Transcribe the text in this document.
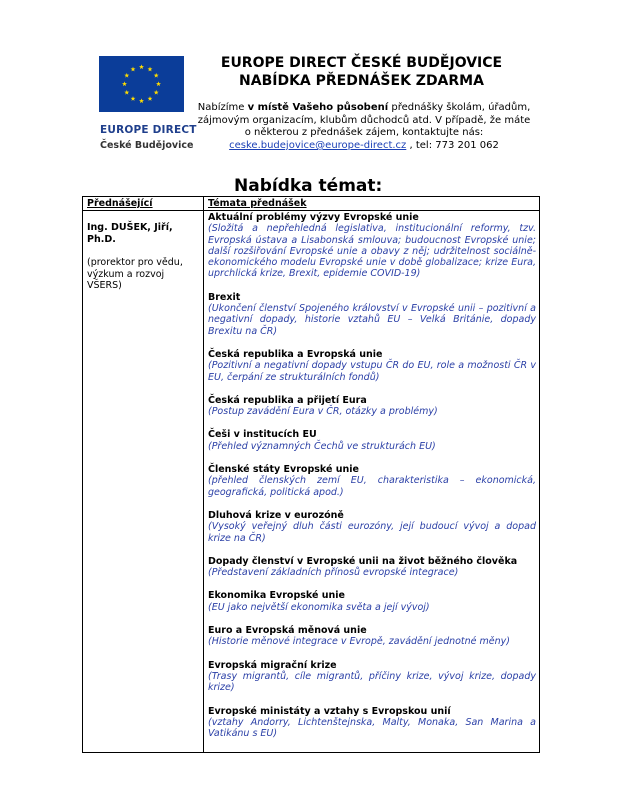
EUROPE DIRECT
České Budějovice
EUROPE DIRECT ČESKÉ BUDĚJOVICE
NABÍDKA PŘEDNÁŠEK ZDARMA
Nabízíme v místě Vašeho působení přednášky školám, úřadům, zájmovým organizacím, klubům důchodců atd. V případě, že máte o některou z přednášek zájem, kontaktujte nás:
ceske.budejovice@europe-direct.cz , tel: 773 201 062
Nabídka témat:
Přednášející	Témata přednášek
Ing. DUŠEK, Jiří, Ph.D.
(prorektor pro vědu, výzkum a rozvoj VŠERS)
Aktuální problémy výzvy Evropské unie
(Složitá a nepřehledná legislativa, institucionální reformy, tzv. Evropská ústava a Lisabonská smlouva; budoucnost Evropské unie; další rozšiřování Evropské unie a obavy z něj; udržitelnost sociálně-ekonomického modelu Evropské unie v době globalizace; krize Eura, uprchlická krize, Brexit, epidemie COVID-19)
Brexit
(Ukončení členství Spojeného království v Evropské unii – pozitivní a negativní dopady, historie vztahů EU – Velká Británie, dopady Brexitu na ČR)
Česká republika a Evropská unie
(Pozitivní a negativní dopady vstupu ČR do EU, role a možnosti ČR v EU, čerpání ze strukturálních fondů)
Česká republika a přijetí Eura
(Postup zavádění Eura v ČR, otázky a problémy)
Češi v institucích EU
(Přehled významných Čechů ve strukturách EU)
Členské státy Evropské unie
(přehled členských zemí EU, charakteristika – ekonomická, geografická, politická apod.)
Dluhová krize v eurozóně
(Vysoký veřejný dluh části eurozóny, její budoucí vývoj a dopad krize na ČR)
Dopady členství v Evropské unii na život běžného člověka
(Představení základních přínosů evropské integrace)
Ekonomika Evropské unie
(EU jako největší ekonomika světa a její vývoj)
Euro a Evropská měnová unie
(Historie měnové integrace v Evropě, zavádění jednotné měny)
Evropská migrační krize
(Trasy migrantů, cíle migrantů, příčiny krize, vývoj krize, dopady krize)
Evropské ministáty a vztahy s Evropskou unií
(vztahy Andorry, Lichtenštejnska, Malty, Monaka, San Marina a Vatikánu s EU)
